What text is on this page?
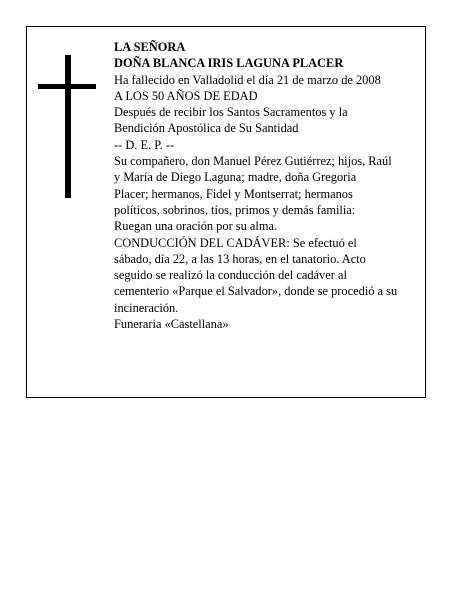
LA SEÑORA
DOÑA BLANCA IRIS LAGUNA PLACER
Ha fallecido en Valladolid el día 21 de marzo de 2008
A LOS 50 AÑOS DE EDAD
Después de recibir los Santos Sacramentos y la
Bendición Apostólica de Su Santidad
-- D. E. P. --
Su compañero, don Manuel Pérez Gutiérrez; hijos, Raúl
y María de Diego Laguna; madre, doña Gregoria
Placer; hermanos, Fidel y Montserrat; hermanos
políticos, sobrinos, tíos, primos y demás familia:
Ruegan una oración por su alma.
CONDUCCIÓN DEL CADÁVER: Se efectuó el
sábado, día 22, a las 13 horas, en el tanatorio. Acto
seguido se realizó la conducción del cadáver al
cementerio «Parque el Salvador», donde se procedió a su
incineración.
Funeraria «Castellana»
